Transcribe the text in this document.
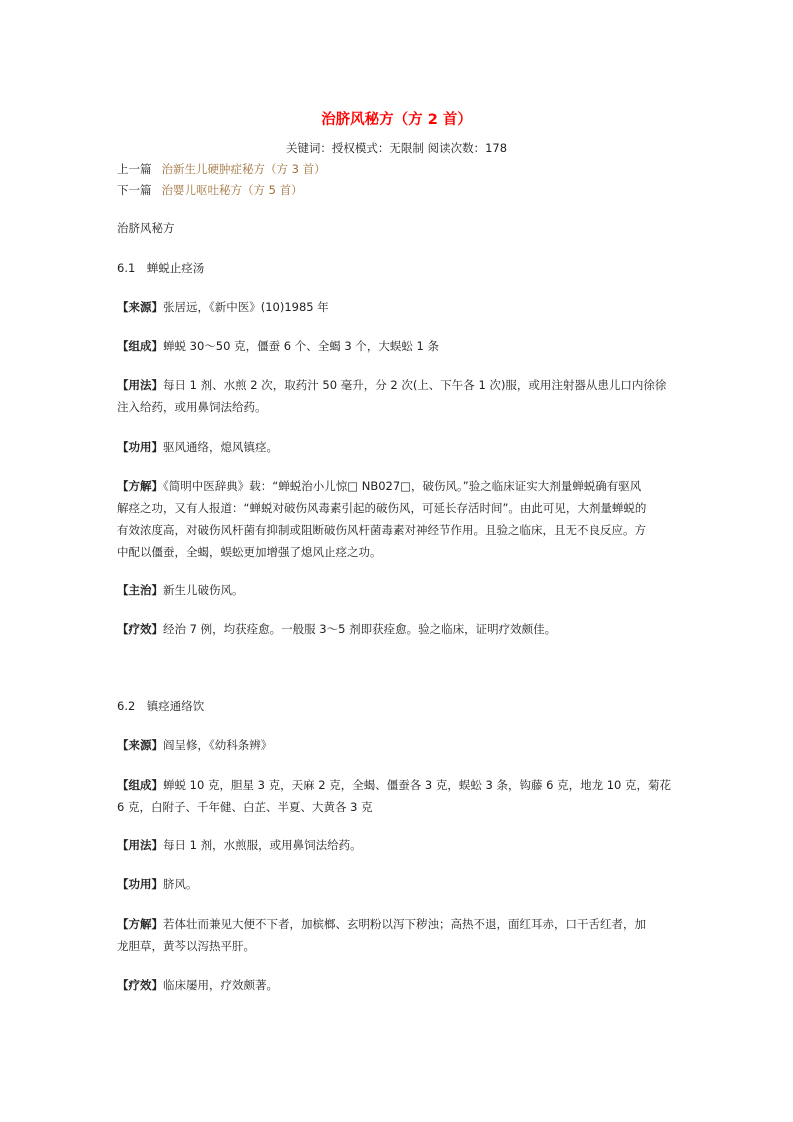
治脐风秘方（方 2 首）
关键词：授权模式：无限制 阅读次数：178
上一篇 治新生儿硬肿症秘方（方 3 首）
下一篇 治婴儿呕吐秘方（方 5 首）
治脐风秘方
6.1　蝉蜕止痉汤
【来源】张居远，《新中医》(10)1985 年
【组成】蝉蜕 30～50 克，僵蚕 6 个、全蝎 3 个，大蜈蚣 1 条
【用法】每日 1 剂、水煎 2 次，取药汁 50 毫升，分 2 次(上、下午各 1 次)服，或用注射器从患儿口内徐徐
注入给药，或用鼻饲法给药。
【功用】驱风通络，熄风镇痉。
【方解】《简明中医辞典》载：“蝉蜕治小儿惊□ NB027□，破伤风。”验之临床证实大剂量蝉蜕确有驱风
解痉之功，又有人报道：“蝉蜕对破伤风毒素引起的破伤风，可延长存活时间”。由此可见，大剂量蝉蜕的
有效浓度高，对破伤风杆菌有抑制或阻断破伤风杆菌毒素对神经节作用。且验之临床，且无不良反应。方
中配以僵蚕，全蝎，蜈蚣更加增强了熄风止痉之功。
【主治】新生儿破伤风。
【疗效】经治 7 例，均获痊愈。一般服 3～5 剂即获痊愈。验之临床，证明疗效颇佳。
6.2　镇痉通络饮
【来源】阎呈修，《幼科条辨》
【组成】蝉蜕 10 克，胆星 3 克，天麻 2 克，全蝎、僵蚕各 3 克，蜈蚣 3 条，钩藤 6 克，地龙 10 克，菊花
6 克，白附子、千年健、白芷、半夏、大黄各 3 克
【用法】每日 1 剂，水煎服，或用鼻饲法给药。
【功用】脐风。
【方解】若体壮而兼见大便不下者，加槟榔、玄明粉以泻下秽浊；高热不退，面红耳赤，口干舌红者，加
龙胆草，黄芩以泻热平肝。
【疗效】临床屡用，疗效颇著。
